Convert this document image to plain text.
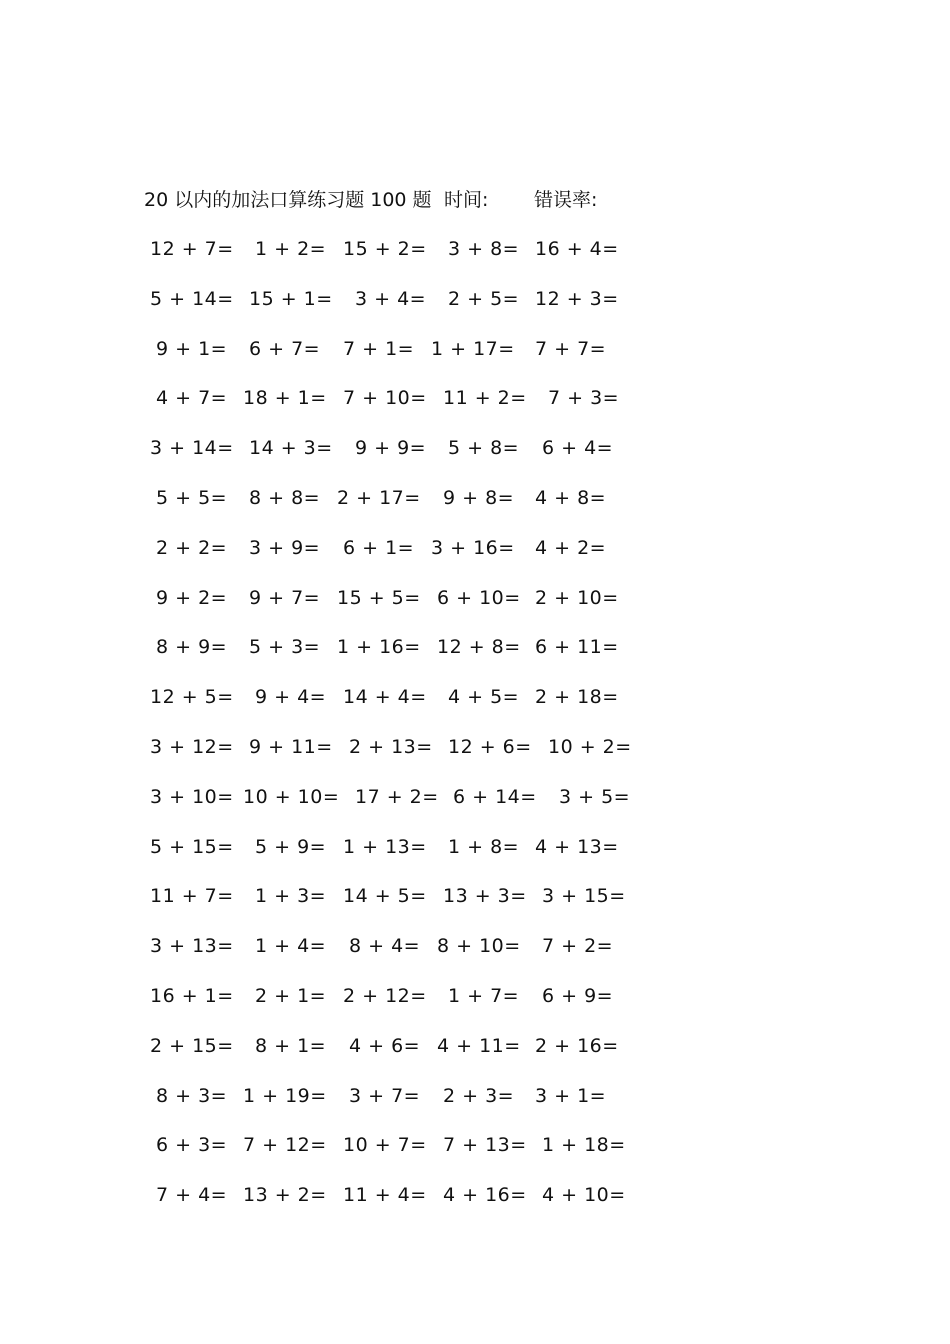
20 以内的加法口算练习题 100 题 时间: 错误率:
12 + 7= 1 + 2= 15 + 2= 3 + 8= 16 + 4=
5 + 14= 15 + 1= 3 + 4= 2 + 5= 12 + 3=
9 + 1= 6 + 7= 7 + 1= 1 + 17= 7 + 7=
4 + 7= 18 + 1= 7 + 10= 11 + 2= 7 + 3=
3 + 14= 14 + 3= 9 + 9= 5 + 8= 6 + 4=
5 + 5= 8 + 8= 2 + 17= 9 + 8= 4 + 8=
2 + 2= 3 + 9= 6 + 1= 3 + 16= 4 + 2=
9 + 2= 9 + 7= 15 + 5= 6 + 10= 2 + 10=
8 + 9= 5 + 3= 1 + 16= 12 + 8= 6 + 11=
12 + 5= 9 + 4= 14 + 4= 4 + 5= 2 + 18=
3 + 12= 9 + 11= 2 + 13= 12 + 6= 10 + 2=
3 + 10= 10 + 10= 17 + 2= 6 + 14= 3 + 5=
5 + 15= 5 + 9= 1 + 13= 1 + 8= 4 + 13=
11 + 7= 1 + 3= 14 + 5= 13 + 3= 3 + 15=
3 + 13= 1 + 4= 8 + 4= 8 + 10= 7 + 2=
16 + 1= 2 + 1= 2 + 12= 1 + 7= 6 + 9=
2 + 15= 8 + 1= 4 + 6= 4 + 11= 2 + 16=
8 + 3= 1 + 19= 3 + 7= 2 + 3= 3 + 1=
6 + 3= 7 + 12= 10 + 7= 7 + 13= 1 + 18=
7 + 4= 13 + 2= 11 + 4= 4 + 16= 4 + 10=
